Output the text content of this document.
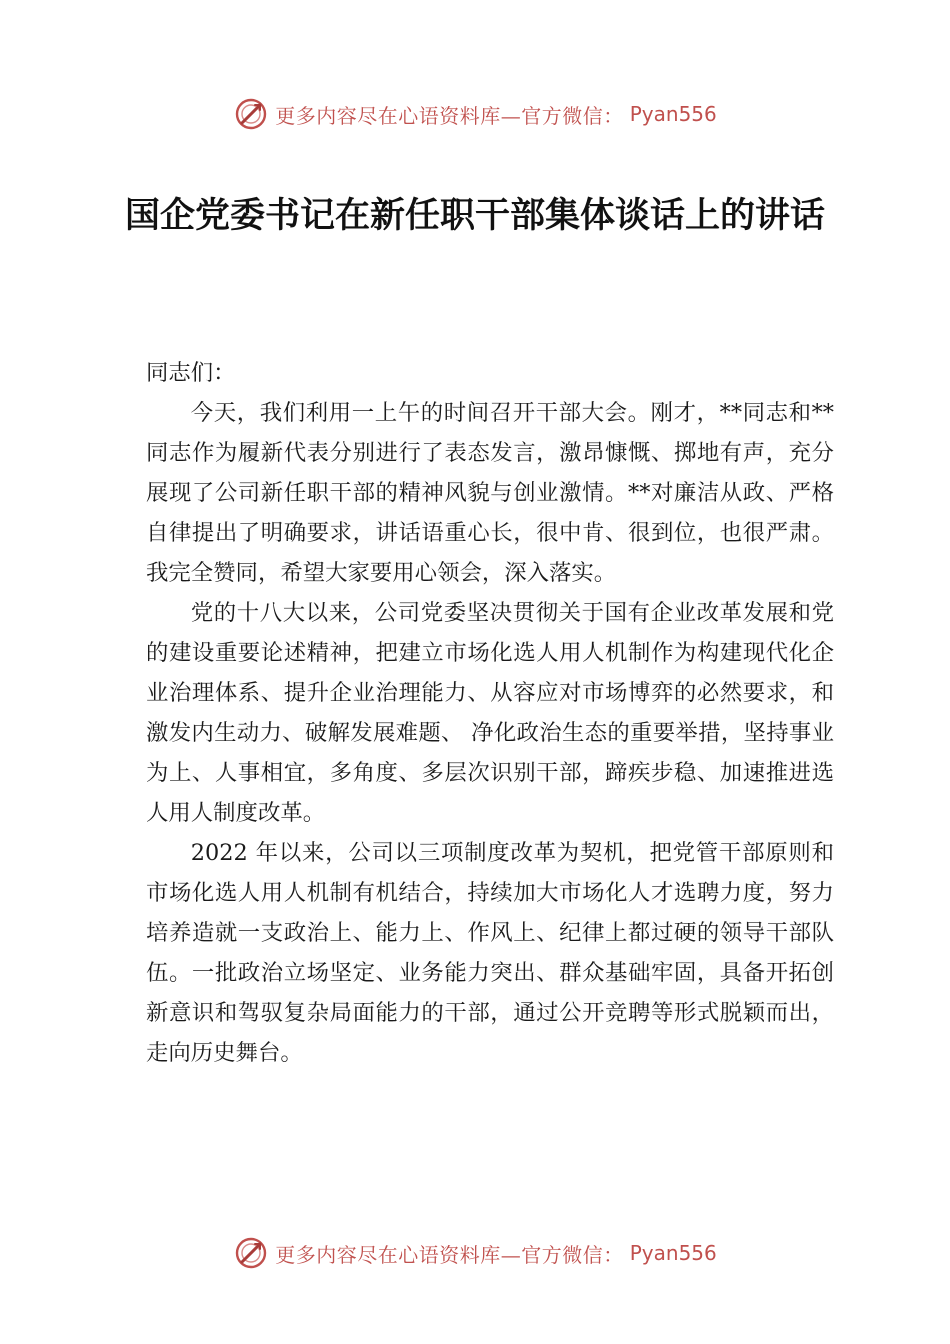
更多内容尽在心语资料库—官方微信： Pyan556
国企党委书记在新任职干部集体谈话上的讲话

同志们：

今天，我们利用一上午的时间召开干部大会。刚才，**同志和**同志作为履新代表分别进行了表态发言，激昂慷慨、掷地有声，充分展现了公司新任职干部的精神风貌与创业激情。**对廉洁从政、严格自律提出了明确要求，讲话语重心长，很中肯、很到位，也很严肃。我完全赞同，希望大家要用心领会，深入落实。

党的十八大以来，公司党委坚决贯彻关于国有企业改革发展和党的建设重要论述精神，把建立市场化选人用人机制作为构建现代化企业治理体系、提升企业治理能力、从容应对市场博弈的必然要求，和激发内生动力、破解发展难题、 净化政治生态的重要举措，坚持事业为上、人事相宜，多角度、多层次识别干部，蹄疾步稳、加速推进选人用人制度改革。

2022 年以来，公司以三项制度改革为契机，把党管干部原则和市场化选人用人机制有机结合，持续加大市场化人才选聘力度，努力培养造就一支政治上、能力上、作风上、纪律上都过硬的领导干部队伍。一批政治立场坚定、业务能力突出、群众基础牢固，具备开拓创新意识和驾驭复杂局面能力的干部，通过公开竞聘等形式脱颖而出，走向历史舞台。

更多内容尽在心语资料库—官方微信： Pyan556
